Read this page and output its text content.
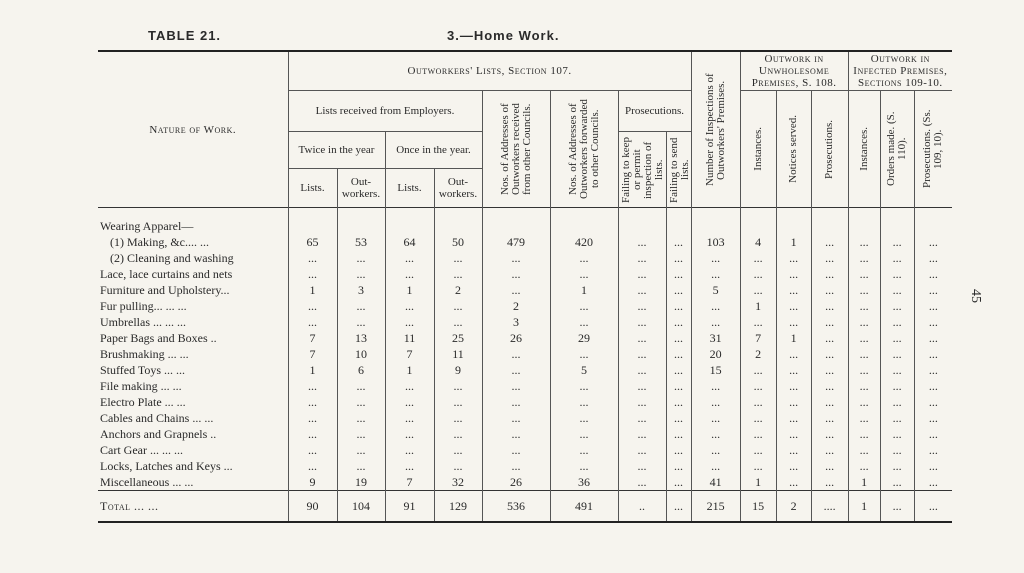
TABLE 21.	3.—Home Work.
45
Nature of Work.	Outworkers' Lists, Section 107.								Number of Inspections of Outworkers' Premises.	Outwork in Unwholesome Premises, S. 108.			Outwork in Infected Premises, Sections 109-10.		
	Lists received from Employers.				Nos. of Addresses of Outworkers received from other Councils.	Nos. of Addresses of Outworkers forwarded to other Councils.	Prosecutions.			Instances.	Notices served.	Prosecutions.	Instances.	Orders made. (S. 110).	Prosecutions. (Ss. 109, 10).

	Twice in the year		Once in the year.				Failing to keep or permit inspection of lists.	Failing to send lists.							

	Lists.	Out-workers.	Lists.	Out-workers.											
Wearing Apparel—															
(1) Making, &c.... ...	65	53	64	50	479	420	...	...	103	4	1	...	...	...	...
(2) Cleaning and washing	...	...	...	...	...	...	...	...	...	...	...	...	...	...	...
Lace, lace curtains and nets	...	...	...	...	...	...	...	...	...	...	...	...	...	...	...
Furniture and Upholstery...	1	3	1	2	...	1	...	...	5	...	...	...	...	...	...
Fur pulling... ... ...	...	...	...	...	2	...	...	...	...	1	...	...	...	...	...
Umbrellas ... ... ...	...	...	...	...	3	...	...	...	...	...	...	...	...	...	...
Paper Bags and Boxes ..	7	13	11	25	26	29	...	...	31	7	1	...	...	...	...
Brushmaking ... ...	7	10	7	11	...	...	...	...	20	2	...	...	...	...	...
Stuffed Toys ... ...	1	6	1	9	...	5	...	...	15	...	...	...	...	...	...
File making ... ...	...	...	...	...	...	...	...	...	...	...	...	...	...	...	...
Electro Plate ... ...	...	...	...	...	...	...	...	...	...	...	...	...	...	...	...
Cables and Chains ... ...	...	...	...	...	...	...	...	...	...	...	...	...	...	...	...
Anchors and Grapnels ..	...	...	...	...	...	...	...	...	...	...	...	...	...	...	...
Cart Gear ... ... ...	...	...	...	...	...	...	...	...	...	...	...	...	...	...	...
Locks, Latches and Keys ...	...	...	...	...	...	...	...	...	...	...	...	...	...	...	...
Miscellaneous ... ...	9	19	7	32	26	36	...	...	41	1	...	...	1	...	...
Total ... ...	90	104	91	129	536	491	..	...	215	15	2	....	1	...	...
